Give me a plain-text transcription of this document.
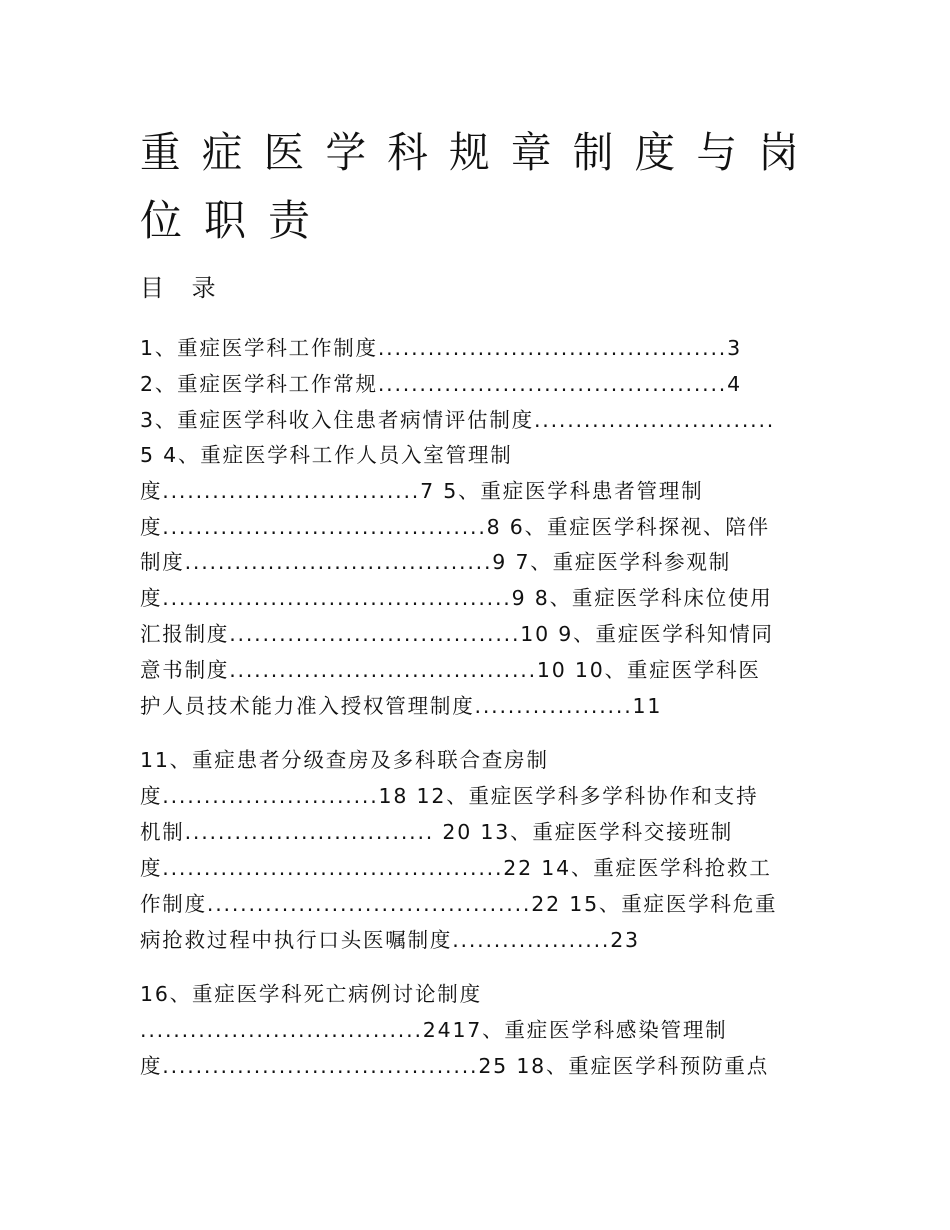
重症医学科规章制度与岗
位职责
目 录
1、重症医学科工作制度..........................................3
2、重症医学科工作常规..........................................4
3、重症医学科收入住患者病情评估制度.............................
5 4、重症医学科工作人员入室管理制
度...............................7 5、重症医学科患者管理制
度.......................................8 6、重症医学科探视、陪伴
制度.....................................9 7、重症医学科参观制
度..........................................9 8、重症医学科床位使用
汇报制度...................................10 9、重症医学科知情同
意书制度.....................................10 10、重症医学科医
护人员技术能力准入授权管理制度...................11
11、重症患者分级查房及多科联合查房制
度..........................18 12、重症医学科多学科协作和支持
机制.............................. 20 13、重症医学科交接班制
度.........................................22 14、重症医学科抢救工
作制度.......................................22 15、重症医学科危重
病抢救过程中执行口头医嘱制度...................23
16、重症医学科死亡病例讨论制度
..................................2417、重症医学科感染管理制
度......................................25 18、重症医学科预防重点
